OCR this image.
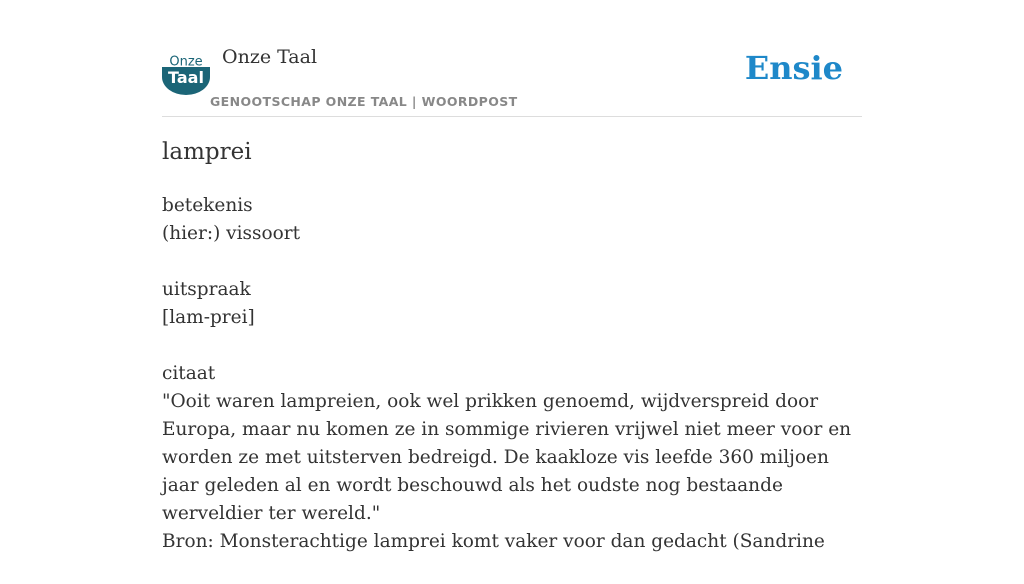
Onze
Taal
Onze Taal
GENOOTSCHAP ONZE TAAL | WOORDPOST
Ensie
lamprei
betekenis
(hier:) vissoort
uitspraak
[lam-prei]
citaat
"Ooit waren lampreien, ook wel prikken genoemd, wijdverspreid door Europa, maar nu komen ze in sommige rivieren vrijwel niet meer voor en worden ze met uitsterven bedreigd. De kaakloze vis leefde 360 miljoen jaar geleden al en wordt beschouwd als het oudste nog bestaande werveldier ter wereld."
Bron: Monsterachtige lamprei komt vaker voor dan gedacht (Sandrine
